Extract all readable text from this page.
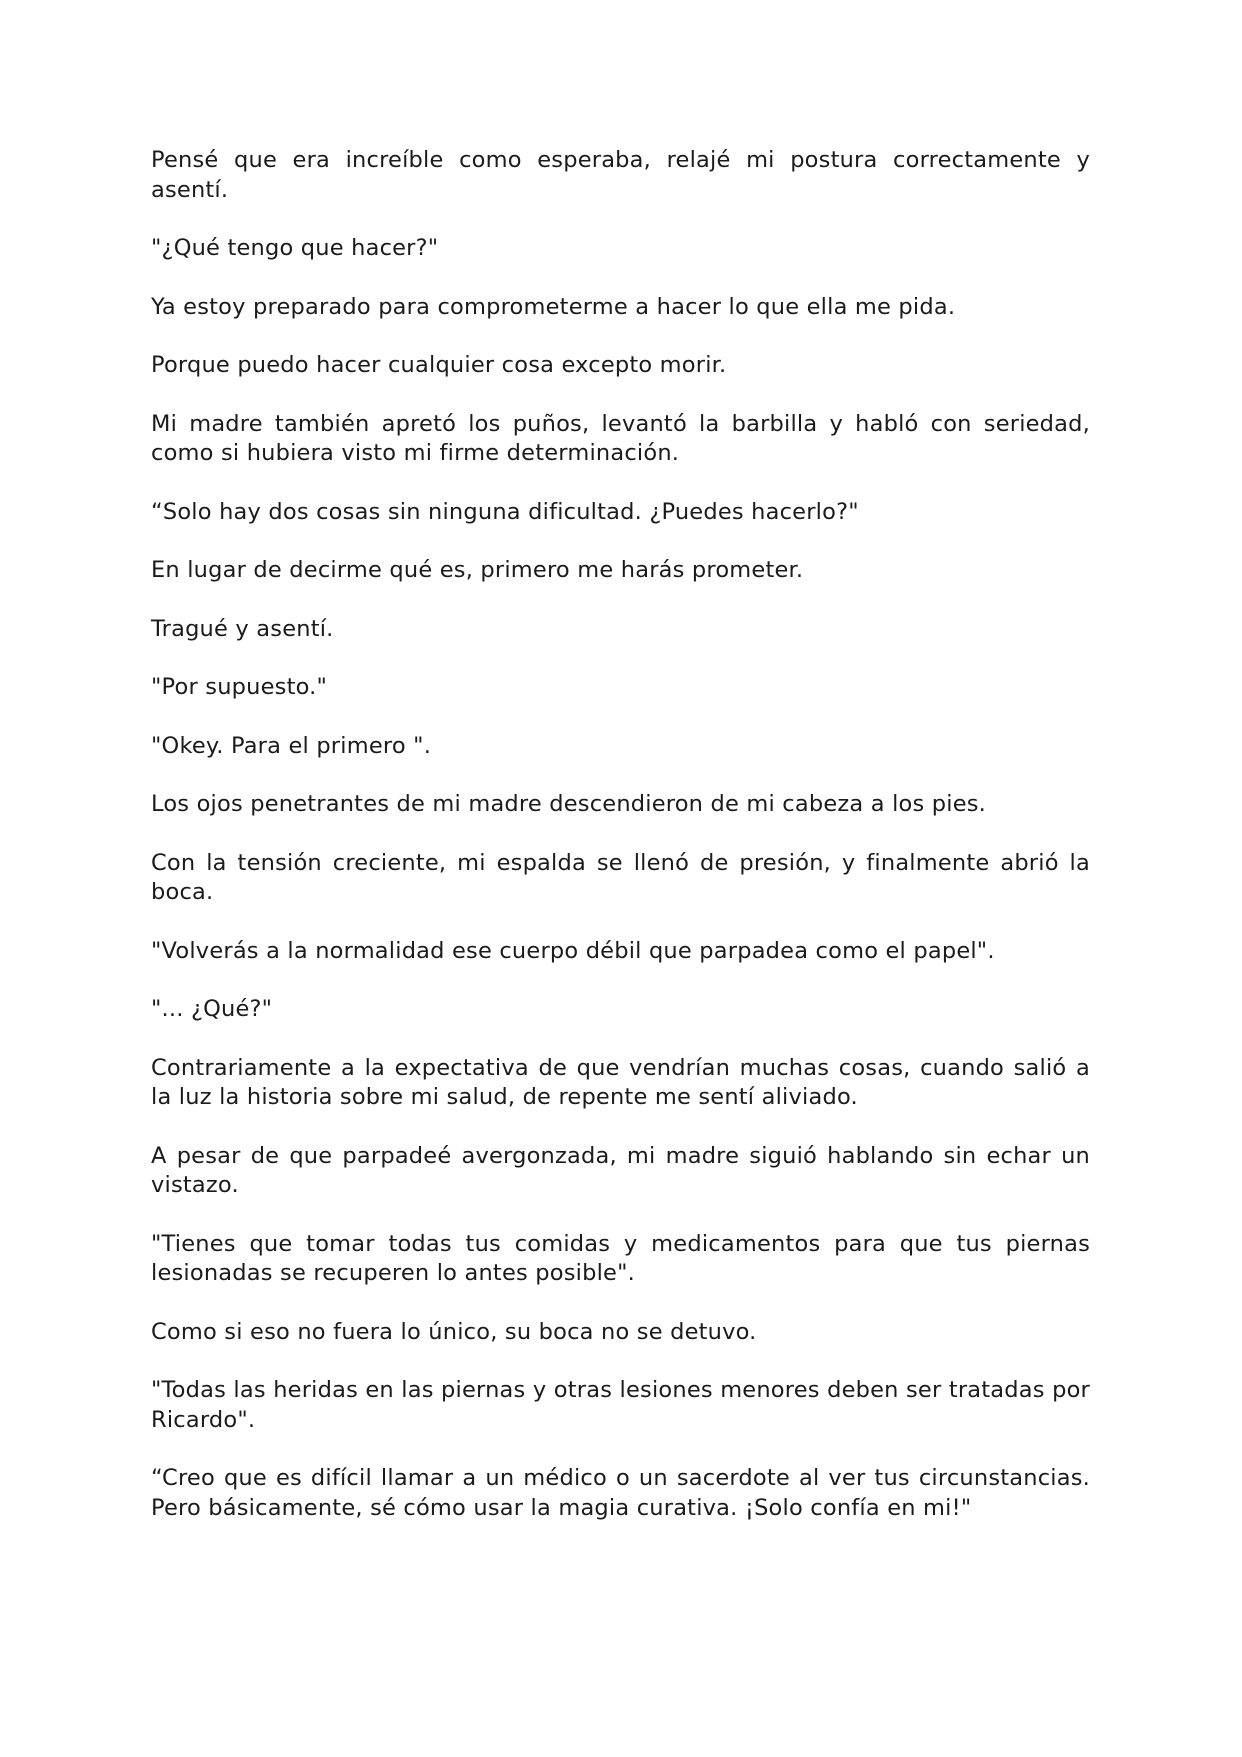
Pensé que era increíble como esperaba, relajé mi postura correctamente y asentí.

"¿Qué tengo que hacer?"

Ya estoy preparado para comprometerme a hacer lo que ella me pida.

Porque puedo hacer cualquier cosa excepto morir.

Mi madre también apretó los puños, levantó la barbilla y habló con seriedad, como si hubiera visto mi firme determinación.

“Solo hay dos cosas sin ninguna dificultad. ¿Puedes hacerlo?"

En lugar de decirme qué es, primero me harás prometer.

Tragué y asentí.

"Por supuesto."

"Okey. Para el primero ".

Los ojos penetrantes de mi madre descendieron de mi cabeza a los pies.

Con la tensión creciente, mi espalda se llenó de presión, y finalmente abrió la boca.

"Volverás a la normalidad ese cuerpo débil que parpadea como el papel".

"... ¿Qué?"

Contrariamente a la expectativa de que vendrían muchas cosas, cuando salió a la luz la historia sobre mi salud, de repente me sentí aliviado.

A pesar de que parpadeé avergonzada, mi madre siguió hablando sin echar un vistazo.

"Tienes que tomar todas tus comidas y medicamentos para que tus piernas lesionadas se recuperen lo antes posible".

Como si eso no fuera lo único, su boca no se detuvo.

"Todas las heridas en las piernas y otras lesiones menores deben ser tratadas por Ricardo".

“Creo que es difícil llamar a un médico o un sacerdote al ver tus circunstancias. Pero básicamente, sé cómo usar la magia curativa. ¡Solo confía en mi!"
